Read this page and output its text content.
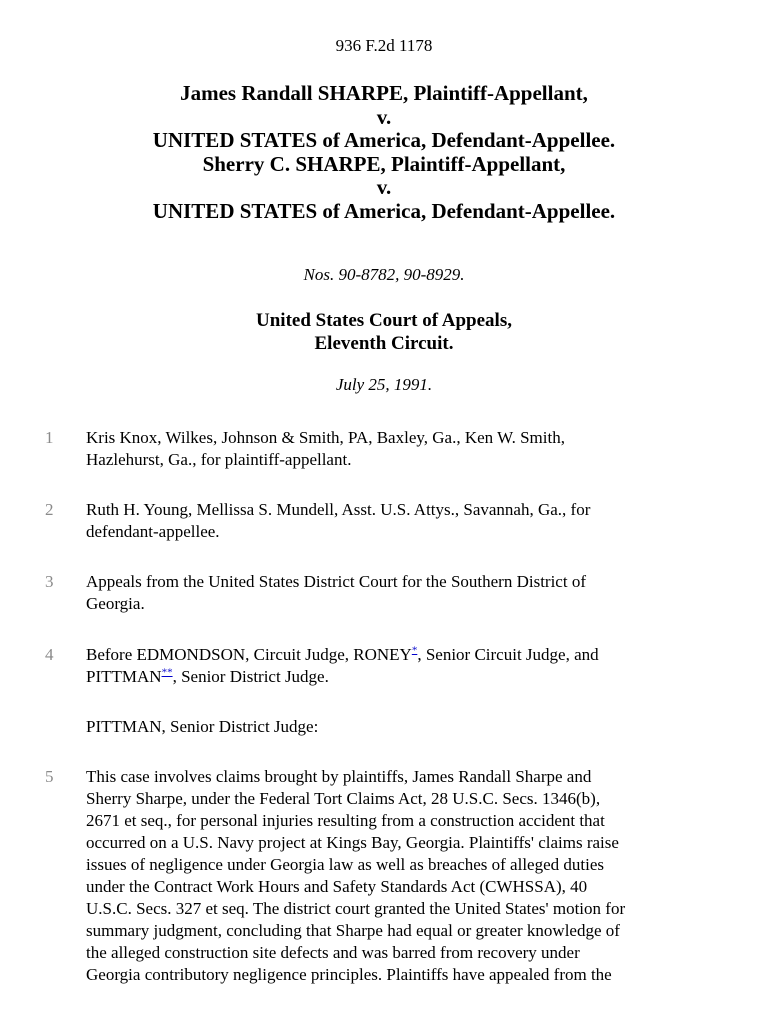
936 F.2d 1178
James Randall SHARPE, Plaintiff-Appellant,
v.
UNITED STATES of America, Defendant-Appellee.
Sherry C. SHARPE, Plaintiff-Appellant,
v.
UNITED STATES of America, Defendant-Appellee.
Nos. 90-8782, 90-8929.
United States Court of Appeals,
Eleventh Circuit.
July 25, 1991.
1 Kris Knox, Wilkes, Johnson & Smith, PA, Baxley, Ga., Ken W. Smith,
Hazlehurst, Ga., for plaintiff-appellant.
2 Ruth H. Young, Mellissa S. Mundell, Asst. U.S. Attys., Savannah, Ga., for
defendant-appellee.
3 Appeals from the United States District Court for the Southern District of
Georgia.
4 Before EDMONDSON, Circuit Judge, RONEY*, Senior Circuit Judge, and
PITTMAN**, Senior District Judge.
PITTMAN, Senior District Judge:
5 This case involves claims brought by plaintiffs, James Randall Sharpe and
Sherry Sharpe, under the Federal Tort Claims Act, 28 U.S.C. Secs. 1346(b),
2671 et seq., for personal injuries resulting from a construction accident that
occurred on a U.S. Navy project at Kings Bay, Georgia. Plaintiffs' claims raise
issues of negligence under Georgia law as well as breaches of alleged duties
under the Contract Work Hours and Safety Standards Act (CWHSSA), 40
U.S.C. Secs. 327 et seq. The district court granted the United States' motion for
summary judgment, concluding that Sharpe had equal or greater knowledge of
the alleged construction site defects and was barred from recovery under
Georgia contributory negligence principles. Plaintiffs have appealed from the
